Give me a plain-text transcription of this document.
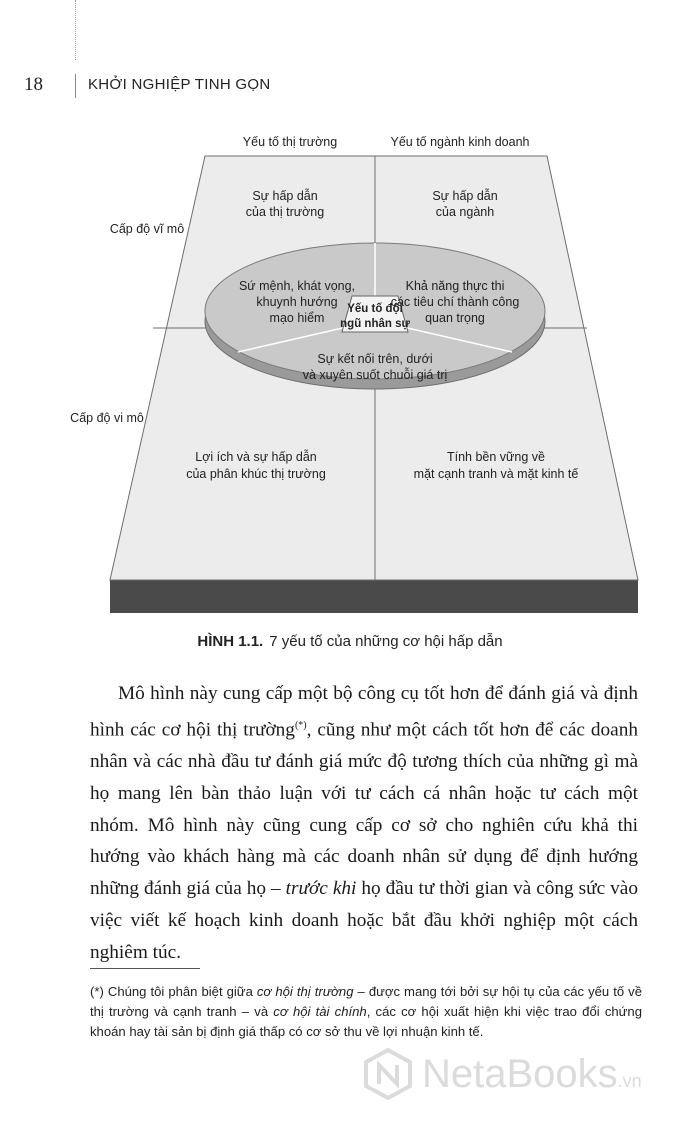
18	KHỞI NGHIỆP TINH GỌN
Yếu tố thị trường	Yếu tố ngành kinh doanh
Cấp độ vĩ mô
Cấp độ vi mô
Sự hấp dẫn
của thị trường
Sự hấp dẫn
của ngành
Lợi ích và sự hấp dẫn
của phân khúc thị trường
Tính bền vững về
mặt cạnh tranh và mặt kinh tế
Sứ mệnh, khát vọng,
khuynh hướng
mạo hiểm
Khả năng thực thi
các tiêu chí thành công
quan trọng
Sự kết nối trên, dưới
và xuyên suốt chuỗi giá trị
Yếu tố đội
ngũ nhân sự
HÌNH 1.1. 7 yếu tố của những cơ hội hấp dẫn

Mô hình này cung cấp một bộ công cụ tốt hơn để đánh giá và định hình các cơ hội thị trường(*), cũng như một cách tốt hơn để các doanh nhân và các nhà đầu tư đánh giá mức độ tương thích của những gì mà họ mang lên bàn thảo luận với tư cách cá nhân hoặc tư cách một nhóm. Mô hình này cũng cung cấp cơ sở cho nghiên cứu khả thi hướng vào khách hàng mà các doanh nhân sử dụng để định hướng những đánh giá của họ – trước khi họ đầu tư thời gian và công sức vào việc viết kế hoạch kinh doanh hoặc bắt đầu khởi nghiệp một cách nghiêm túc.

(*) Chúng tôi phân biệt giữa cơ hội thị trường – được mang tới bởi sự hội tụ của các yếu tố về thị trường và cạnh tranh – và cơ hội tài chính, các cơ hội xuất hiện khi việc trao đổi chứng khoán hay tài sản bị định giá thấp có cơ sở thu về lợi nhuận kinh tế.

NetaBooks.vn
